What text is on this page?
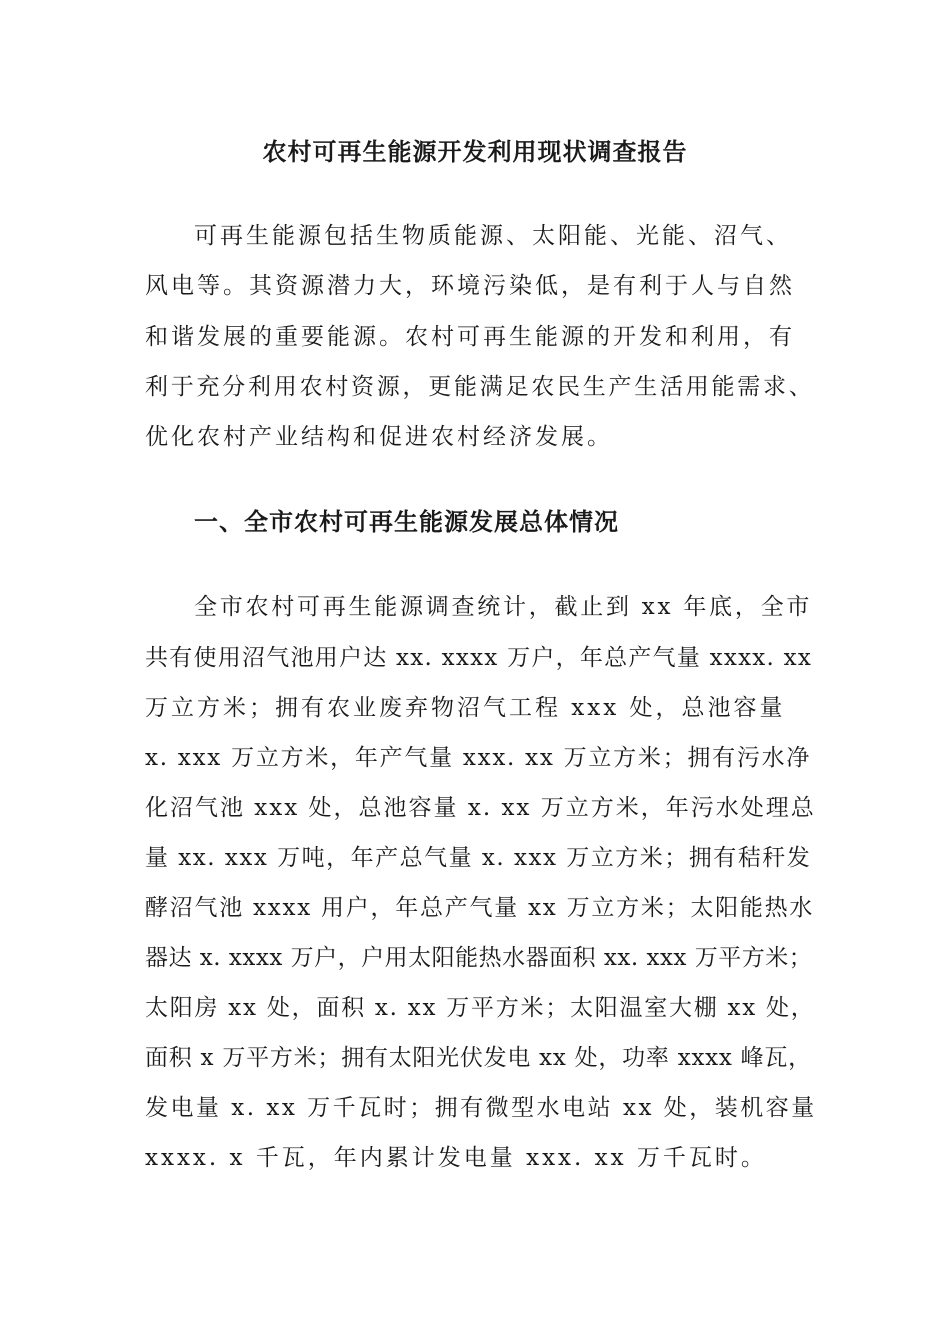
农村可再生能源开发利用现状调查报告
可再生能源包括生物质能源、太阳能、光能、沼气、
风电等。其资源潜力大，环境污染低，是有利于人与自然
和谐发展的重要能源。农村可再生能源的开发和利用，有
利于充分利用农村资源，更能满足农民生产生活用能需求、
优化农村产业结构和促进农村经济发展。
一、全市农村可再生能源发展总体情况
全市农村可再生能源调查统计，截止到 xx 年底，全市
共有使用沼气池用户达 xx. xxxx 万户，年总产气量 xxxx. xx
万立方米；拥有农业废弃物沼气工程 xxx 处，总池容量
x. xxx 万立方米，年产气量 xxx. xx 万立方米；拥有污水净
化沼气池 xxx 处，总池容量 x. xx 万立方米，年污水处理总
量 xx. xxx 万吨，年产总气量 x. xxx 万立方米；拥有秸秆发
酵沼气池 xxxx 用户，年总产气量 xx 万立方米；太阳能热水
器达 x. xxxx 万户，户用太阳能热水器面积 xx. xxx 万平方米；
太阳房 xx 处，面积 x. xx 万平方米；太阳温室大棚 xx 处，
面积 x 万平方米；拥有太阳光伏发电 xx 处，功率 xxxx 峰瓦，
发电量 x. xx 万千瓦时；拥有微型水电站 xx 处，装机容量
xxxx. x 千瓦，年内累计发电量 xxx. xx 万千瓦时。
